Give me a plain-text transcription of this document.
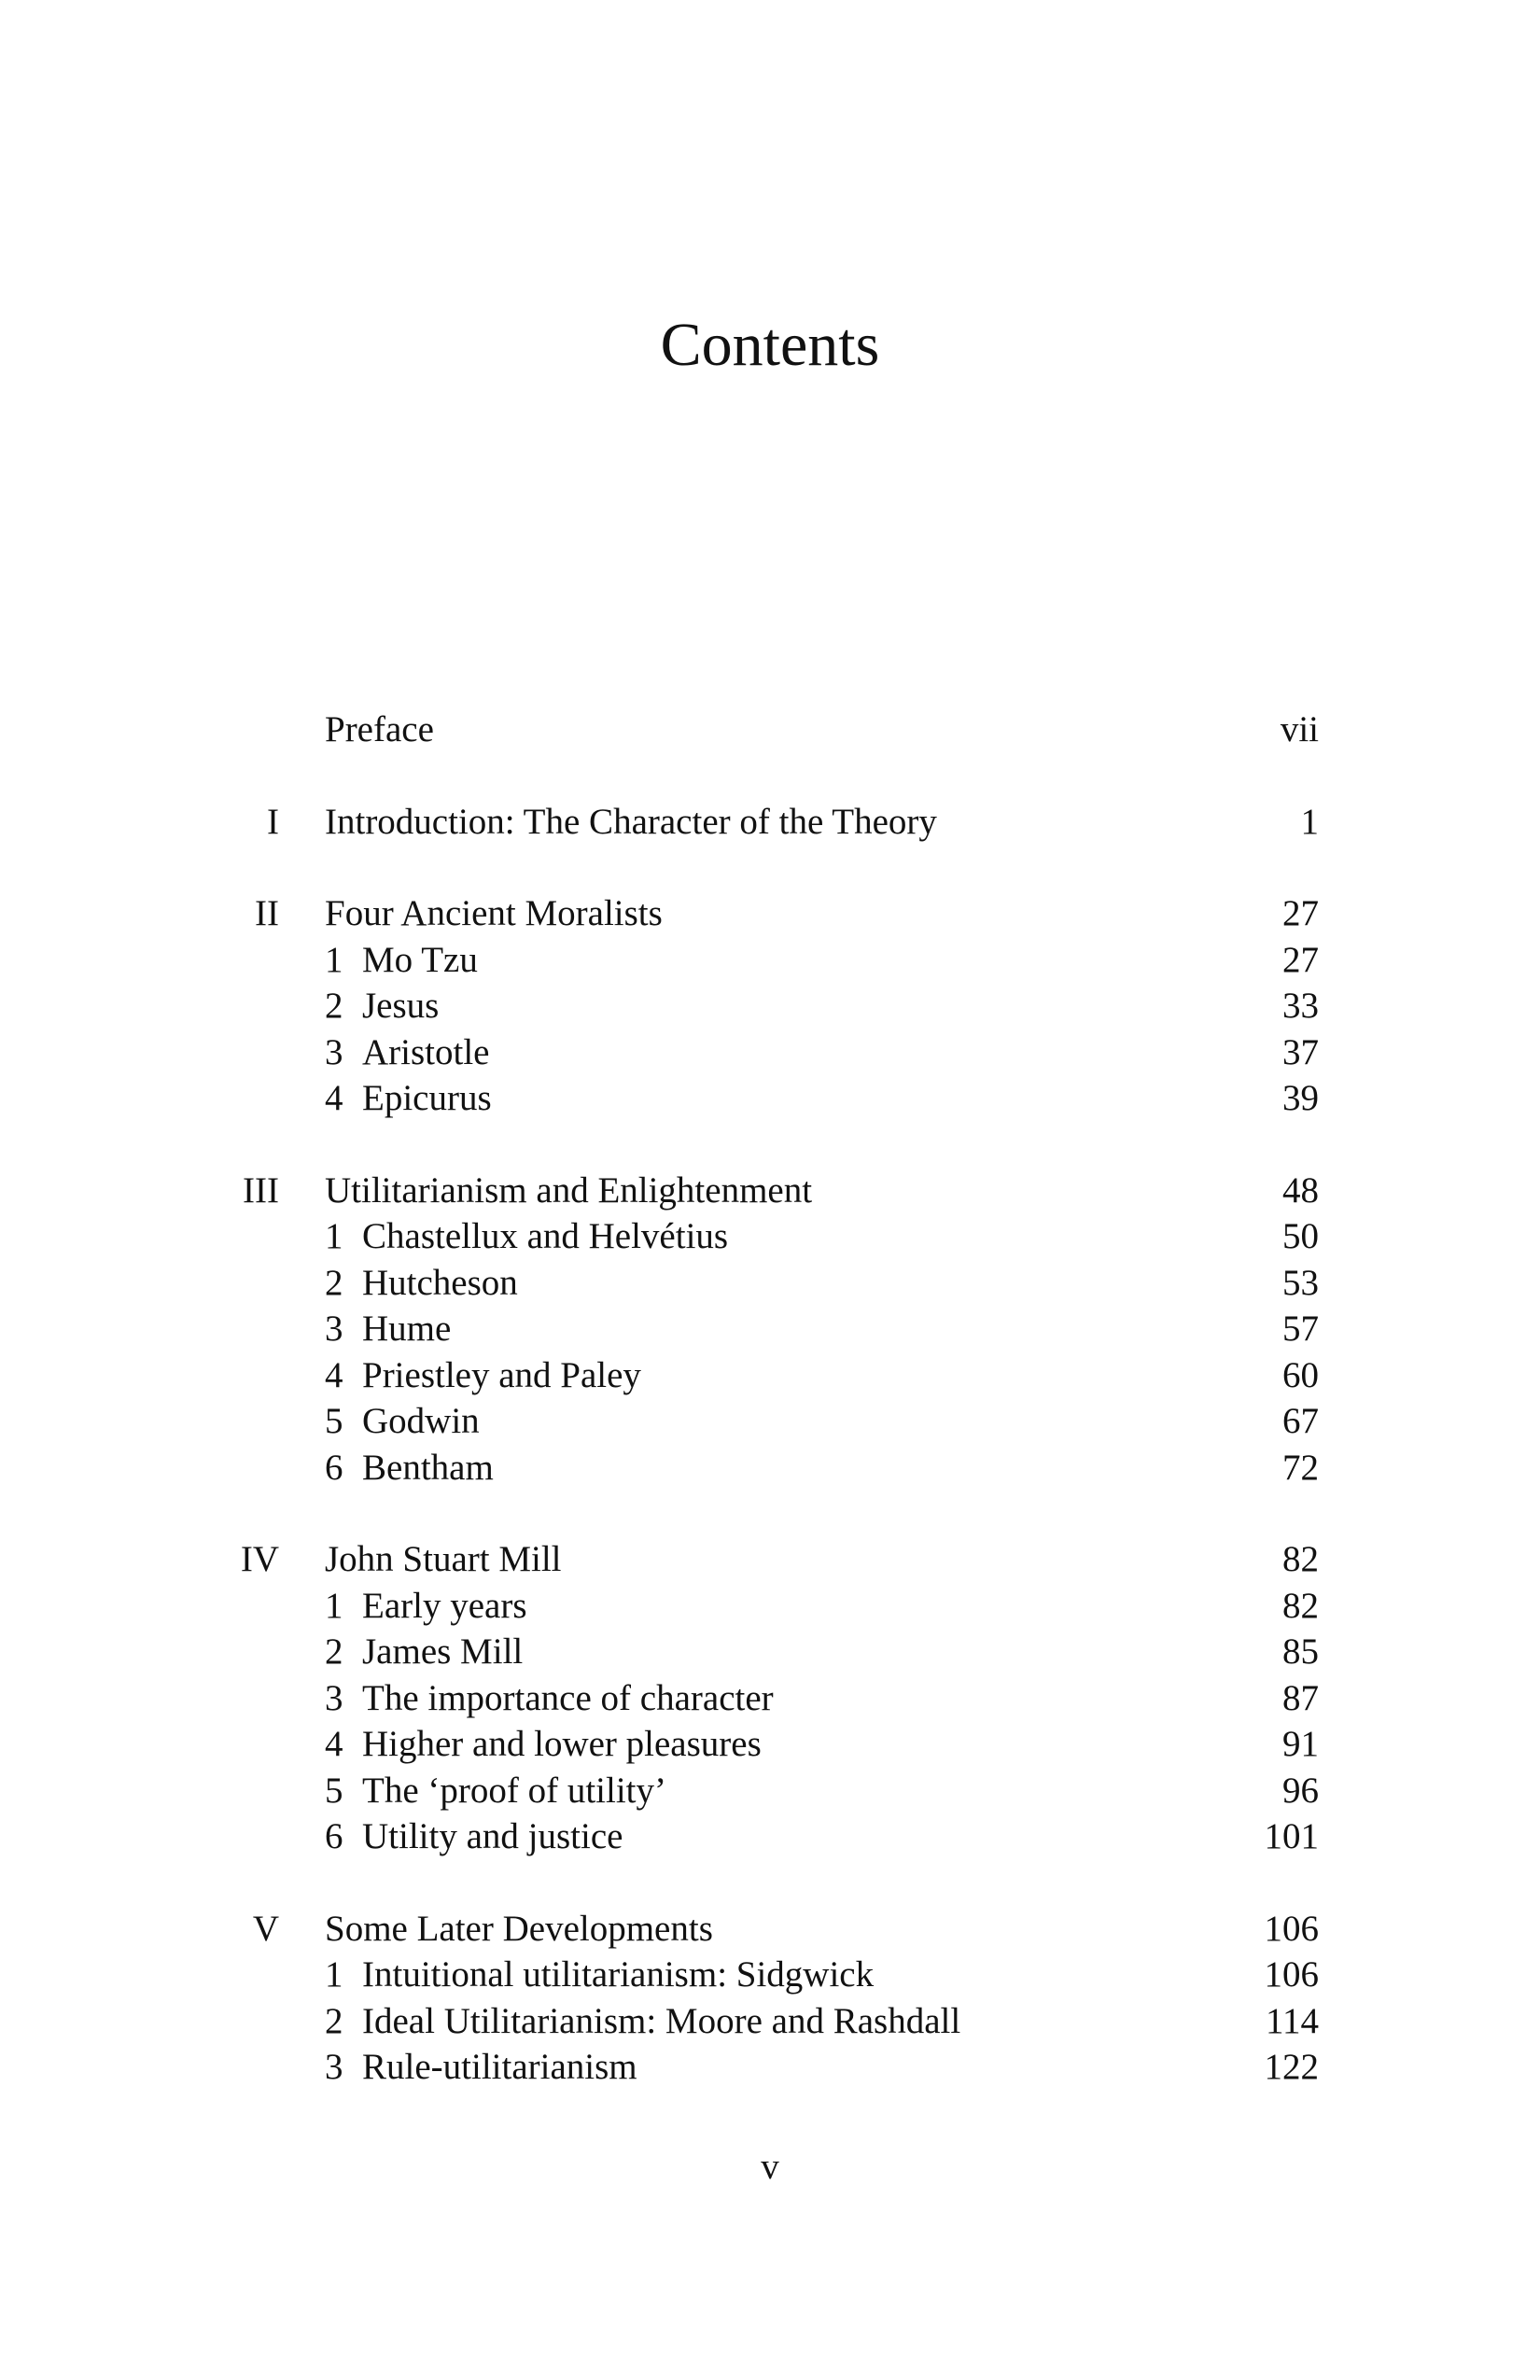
Contents
Preface	vii
I Introduction: The Character of the Theory	1
II Four Ancient Moralists	27
1 Mo Tzu	27
2 Jesus	33
3 Aristotle	37
4 Epicurus	39
III Utilitarianism and Enlightenment	48
1 Chastellux and Helvétius	50
2 Hutcheson	53
3 Hume	57
4 Priestley and Paley	60
5 Godwin	67
6 Bentham	72
IV John Stuart Mill	82
1 Early years	82
2 James Mill	85
3 The importance of character	87
4 Higher and lower pleasures	91
5 The ‘proof of utility’	96
6 Utility and justice	101
V Some Later Developments	106
1 Intuitional utilitarianism: Sidgwick	106
2 Ideal Utilitarianism: Moore and Rashdall	114
3 Rule-utilitarianism	122
v
